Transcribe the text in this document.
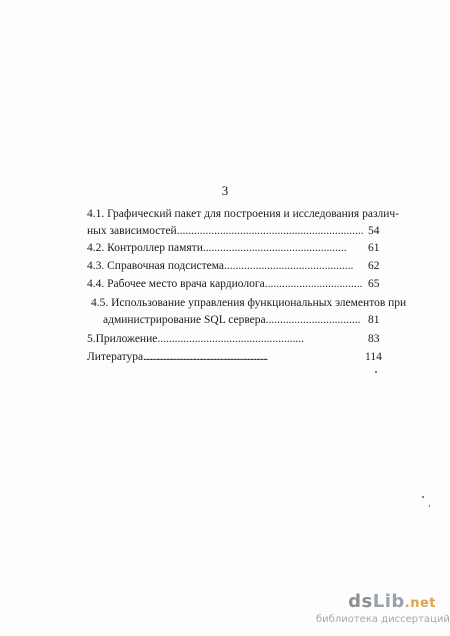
3
4.1. Графический пакет для построения и исследования различ-
ных зависимостей................................................................. 54
4.2. Контроллер памяти.................................................. 61
4.3. Справочная подсистема............................................. 62
4.4. Рабочее место врача кардиолога.................................. 65
4.5. Использование управления функциональных элементов при
администрирование SQL сервера................................. 81
5.Приложение...................................................	83
Литература.......................................................................................	114
dsLib.net
библиотека диссертаций
